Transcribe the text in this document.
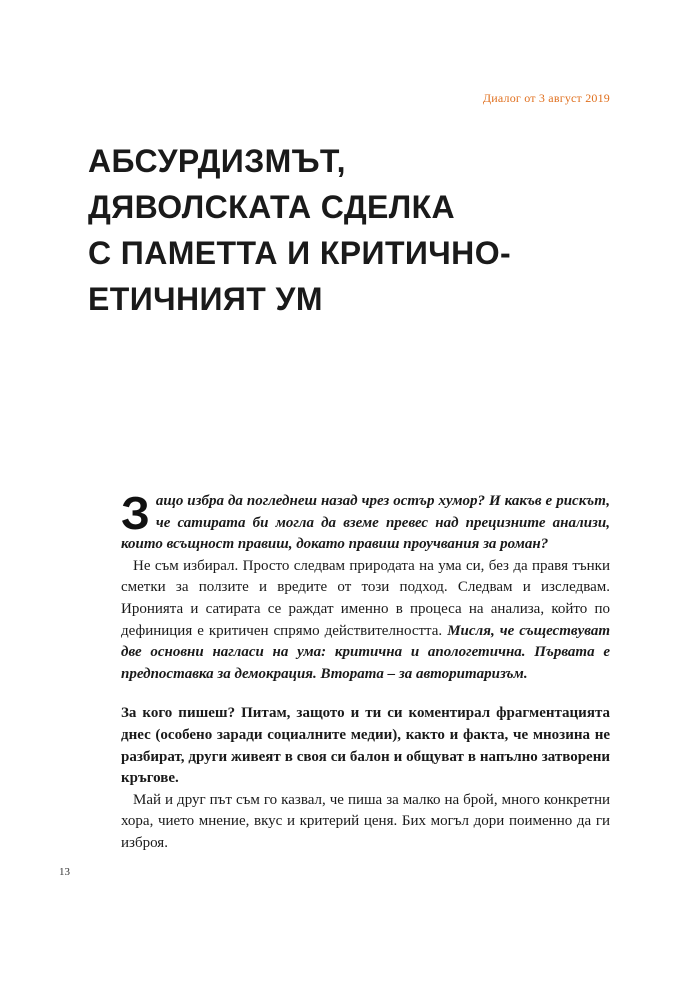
Диалог от 3 август 2019
АБСУРДИЗМЪТ,
ДЯВОЛСКАТА СДЕЛКА
С ПАМЕТТА И КРИТИЧНО-
ЕТИЧНИЯТ УМ

Защо избра да погледнеш назад чрез остър хумор? И какъв е рискът, че сатирата би могла да вземе превес над прецизните анализи, които всъщност правиш, докато правиш проучвания за роман?

Не съм избирал. Просто следвам природата на ума си, без да правя тънки сметки за ползите и вредите от този подход. Следвам и изследвам. Иронията и сатирата се раждат именно в процеса на анализа, който по дефиниция е критичен спрямо действителността. Мисля, че съществуват две основни нагласи на ума: критична и апологетична. Първата е предпоставка за демокрация. Втората – за авторитаризъм.

За кого пишеш? Питам, защото и ти си коментирал фрагментацията днес (особено заради социалните медии), както и факта, че мнозина не разбират, други живеят в своя си балон и общуват в напълно затворени кръгове.

Май и друг път съм го казвал, че пиша за малко на брой, много конкретни хора, чието мнение, вкус и критерий ценя. Бих могъл дори поименно да ги изброя.

13
